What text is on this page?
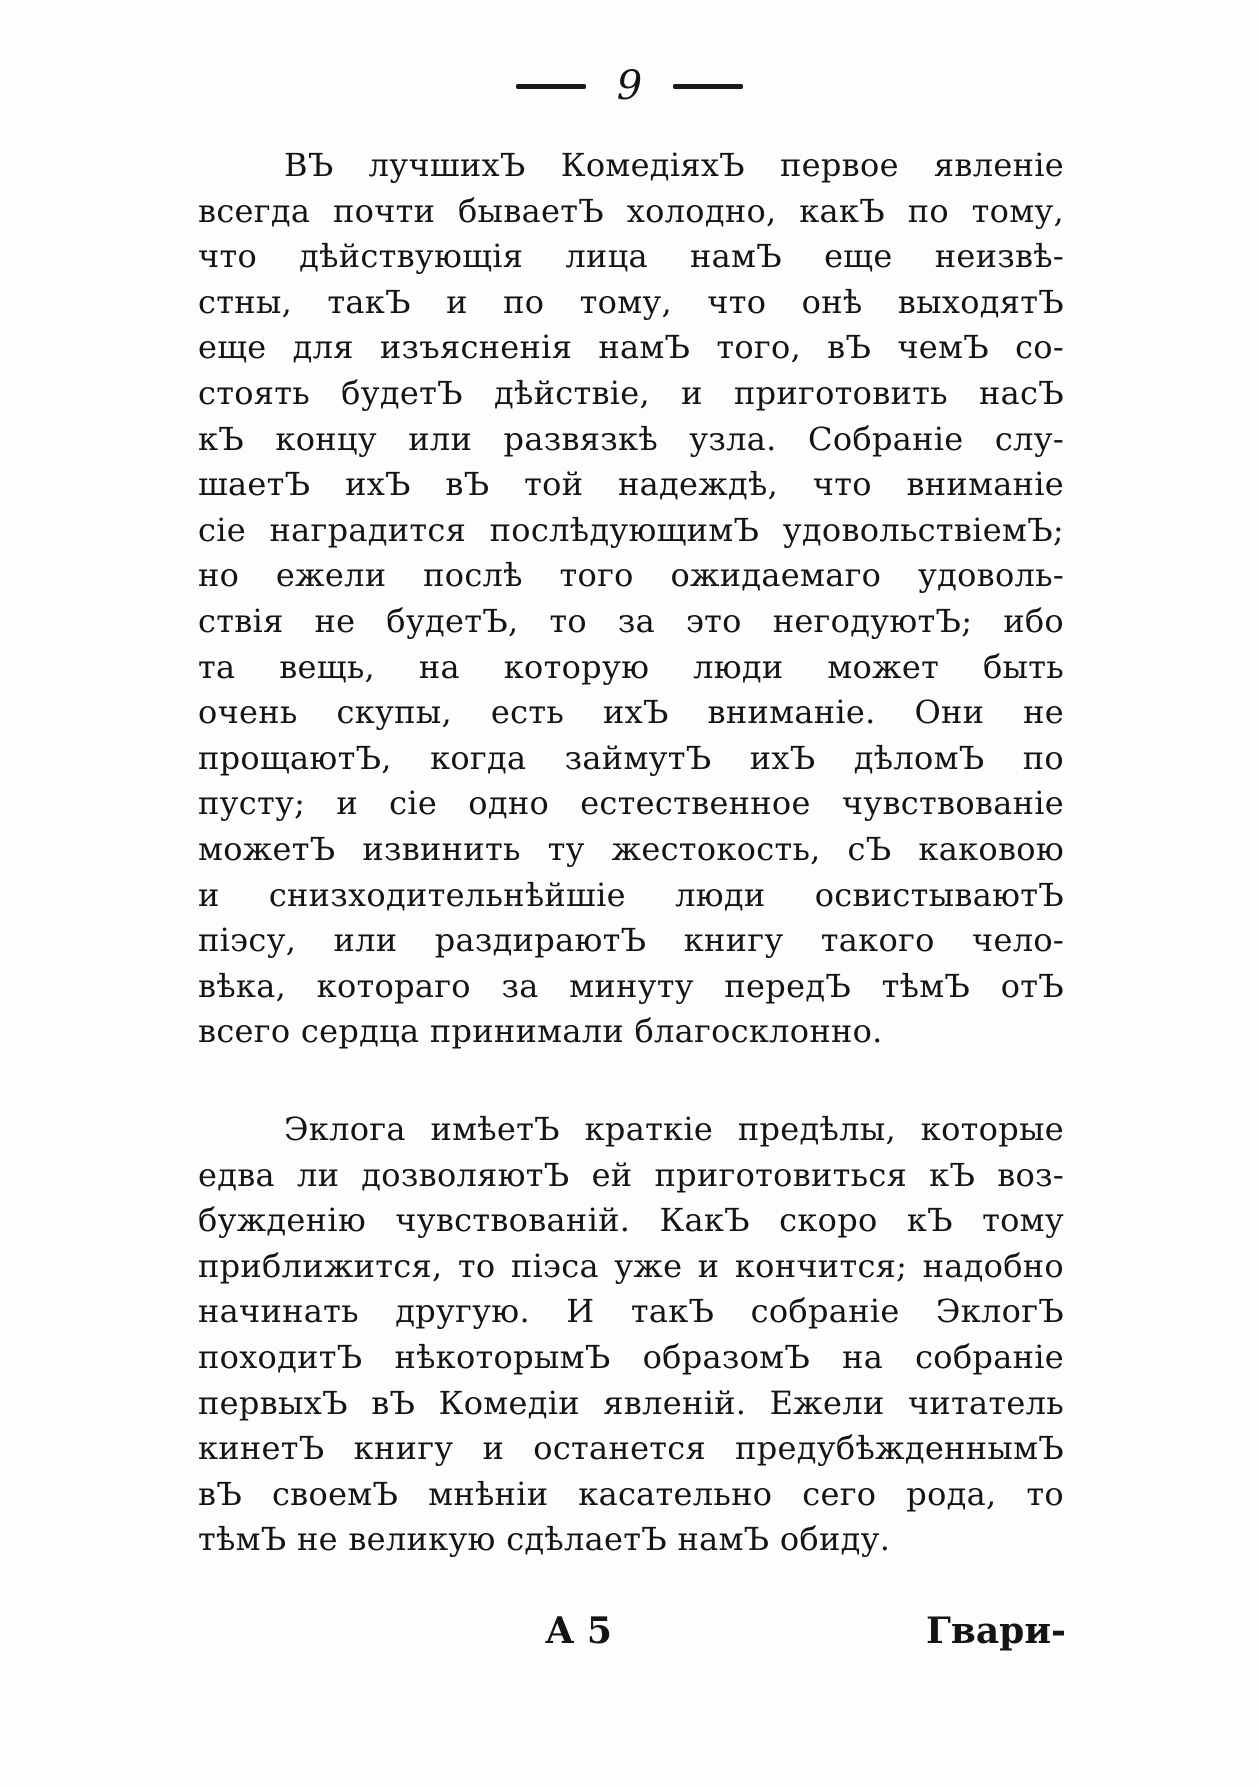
9
ВЪ лучшихЪ КомедіяхЪ первое явленіе
всегда почти бываетЪ холодно, какЪ по тому,
что дѣйствующія лица намЪ еще неизвѣ-
стны, такЪ и по тому, что онѣ выходятЪ
еще для изъясненія намЪ того, вЪ чемЪ со-
стоять будетЪ дѣйствіе, и приготовить насЪ
кЪ концу или развязкѣ узла. Собраніе слу-
шаетЪ ихЪ вЪ той надеждѣ, что вниманіе
сіе наградится послѣдующимЪ удовольствіемЪ;
но ежели послѣ того ожидаемаго удоволь-
ствія не будетЪ, то за это негодуютЪ; ибо
та вещь, на которую люди может быть
очень скупы, есть ихЪ вниманіе. Они не
прощаютЪ, когда займутЪ ихЪ дѣломЪ по
пусту; и сіе одно естественное чувствованіе
можетЪ извинить ту жестокость, сЪ каковою
и снизходительнѣйшіе люди освистываютЪ
піэсу, или раздираютЪ книгу такого чело-
вѣка, котораго за минуту передЪ тѣмЪ отЪ
всего сердца принимали благосклонно.
Эклога имѣетЪ краткіе предѣлы, которые
едва ли дозволяютЪ ей приготовиться кЪ воз-
бужденію чувствованій. КакЪ скоро кЪ тому
приближится, то піэса уже и кончится; надобно
начинать другую. И такЪ собраніе ЭклогЪ
походитЪ нѣкоторымЪ образомЪ на собраніе
первыхЪ вЪ Комедіи явленій. Ежели читатель
кинетЪ книгу и останется предубѣжденнымЪ
вЪ своемЪ мнѣніи касательно сего рода, то
тѣмЪ не великую сдѣлаетЪ намЪ обиду.
А 5	Гвари-
